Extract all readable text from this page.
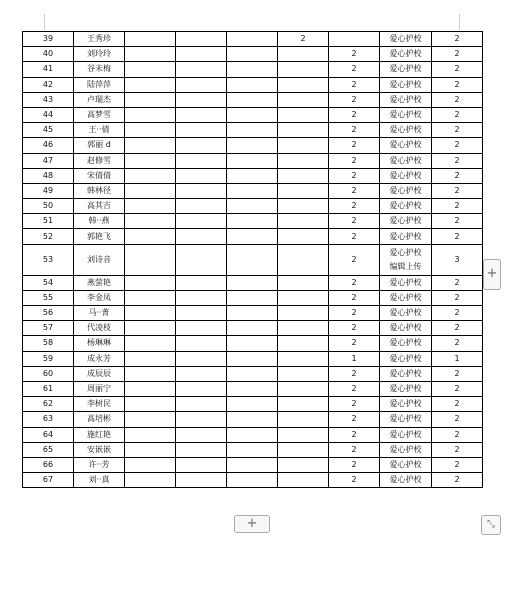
39	王秀珍				2		爱心护校	2
40	刘玲玲					2	爱心护校	2
41	谷未梅					2	爱心护校	2
42	陆萍萍					2	爱心护校	2
43	卢瑞杰					2	爱心护校	2
44	高梦雪					2	爱心护校	2
45	王··倩					2	爱心护校	2
46	郭丽 d					2	爱心护校	2
47	赵修雪					2	爱心护校	2
48	宋倩倩					2	爱心护校	2
49	韩林径					2	爱心护校	2
50	高其吉					2	爱心护校	2
51	韩··燕					2	爱心护校	2
52	郭艳飞					2	爱心护校	2
53	刘诗音					2	爱心护校
编辑上传	3
54	燕萤艳					2	爱心护校	2
55	李金凤					2	爱心护校	2
56	马··菁					2	爱心护校	2
57	代凌枝					2	爱心护校	2
58	杨琳琳					2	爱心护校	2
59	成永芳					1	爱心护校	1
60	成辰辰					2	爱心护校	2
61	周丽宁					2	爱心护校	2
62	李树民					2	爱心护校	2
63	高培彬					2	爱心护校	2
64	施红艳					2	爱心护校	2
65	安嵌嵌					2	爱心护校	2
66	许··芳					2	爱心护校	2
67	刘··真					2	爱心护校	2
+
+
⤡
